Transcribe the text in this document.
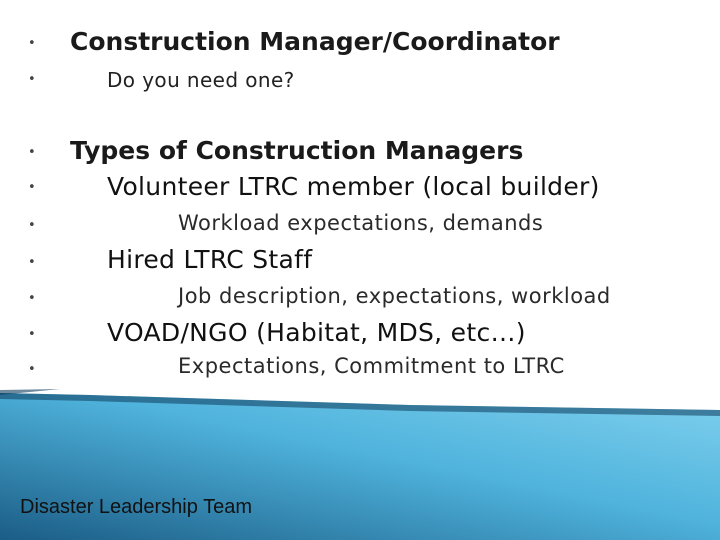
•
•
•
•
•
•
•
•
•
Construction Manager/Coordinator
Do you need one?
Types of Construction Managers
Volunteer LTRC member (local builder)
Workload expectations, demands
Hired LTRC Staff
Job description, expectations, workload
VOAD/NGO (Habitat, MDS, etc…)
Expectations, Commitment to LTRC
Disaster Leadership Team
